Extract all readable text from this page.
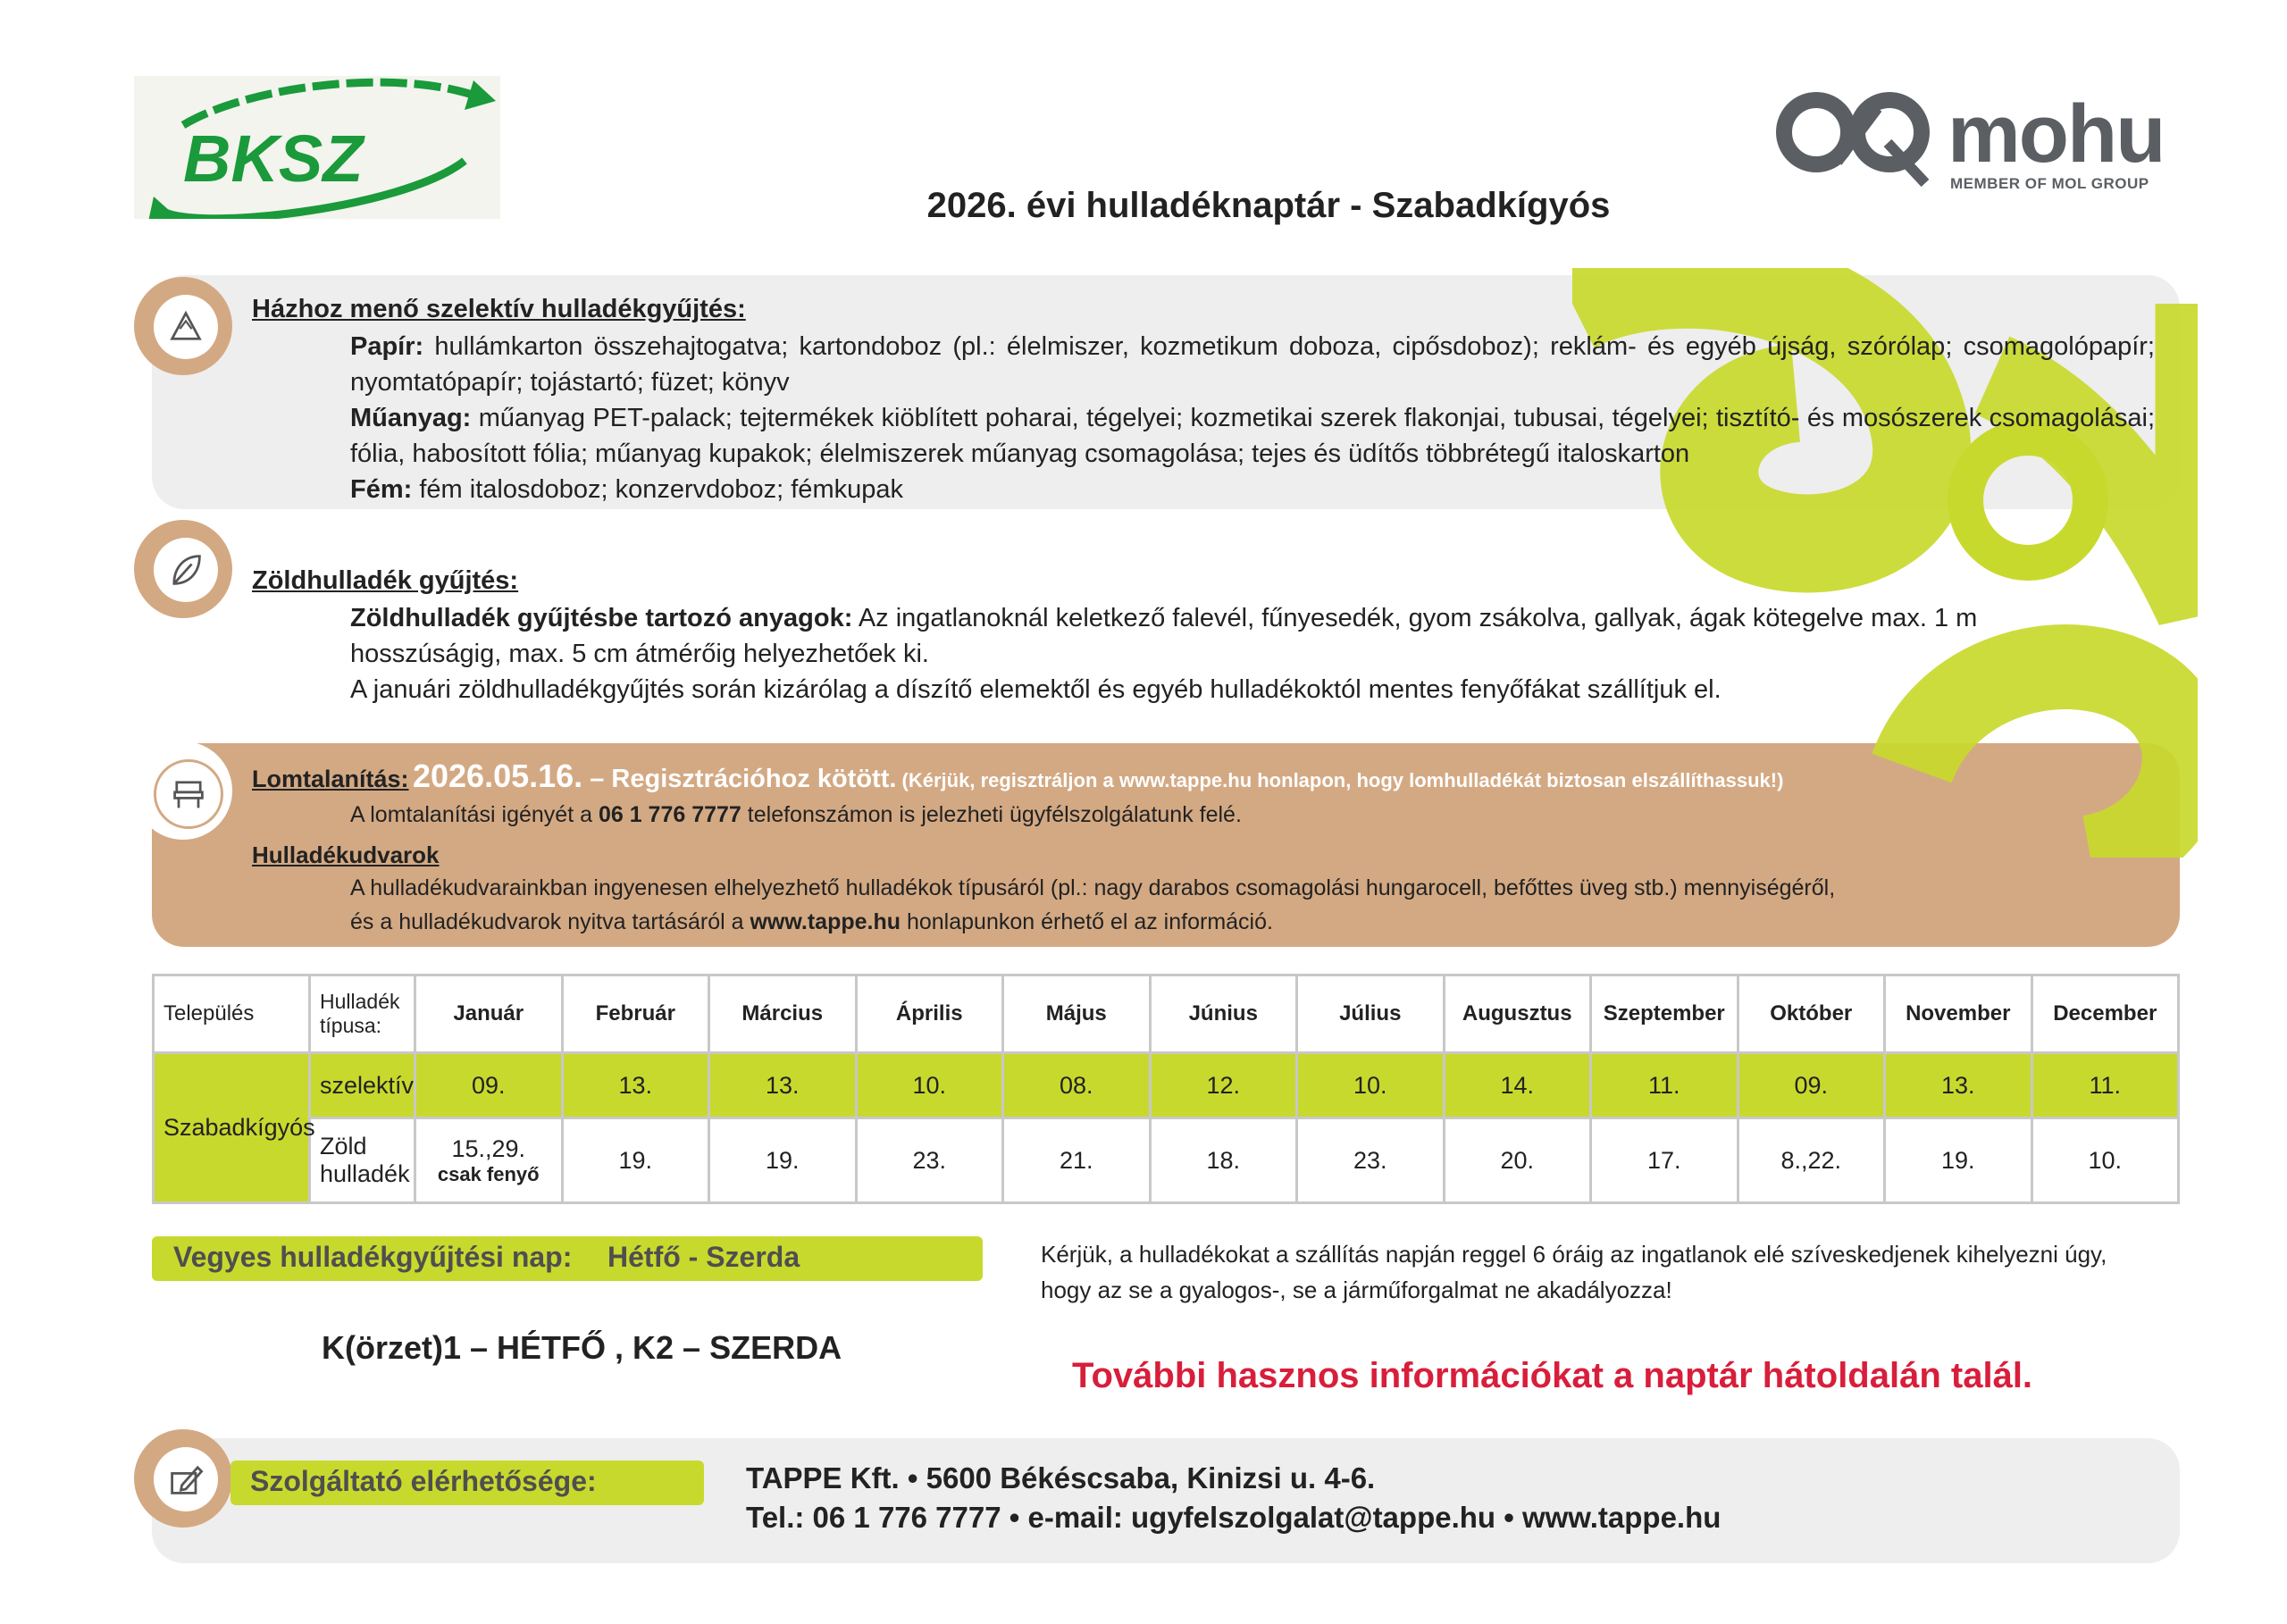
BKSZ	mohu
MEMBER OF MOL GROUP
2026. évi hulladéknaptár - Szabadkígyós
Házhoz menő szelektív hulladékgyűjtés:
Papír: hullámkarton összehajtogatva; kartondoboz (pl.: élelmiszer, kozmetikum doboza, cipősdoboz); reklám- és egyéb újság, szórólap; csomagolópapír; nyomtatópapír; tojástartó; füzet; könyv
Műanyag: műanyag PET-palack; tejtermékek kiöblített poharai, tégelyei; kozmetikai szerek flakonjai, tubusai, tégelyei; tisztító- és mosószerek csomagolásai; fólia, habosított fólia; műanyag kupakok; élelmiszerek műanyag csomagolása; tejes és üdítős többrétegű italoskarton
Fém: fém italosdoboz; konzervdoboz; fémkupak
Zöldhulladék gyűjtés:
Zöldhulladék gyűjtésbe tartozó anyagok: Az ingatlanoknál keletkező falevél, fűnyesedék, gyom zsákolva, gallyak, ágak kötegelve max. 1 m hosszúságig, max. 5 cm átmérőig helyezhetőek ki.
A januári zöldhulladékgyűjtés során kizárólag a díszítő elemektől és egyéb hulladékoktól mentes fenyőfákat szállítjuk el.
Lomtalanítás: 2026.05.16. – Regisztrációhoz kötött. (Kérjük, regisztráljon a www.tappe.hu honlapon, hogy lomhulladékát biztosan elszállíthassuk!)
A lomtalanítási igényét a 06 1 776 7777 telefonszámon is jelezheti ügyfélszolgálatunk felé.
Hulladékudvarok
A hulladékudvarainkban ingyenesen elhelyezhető hulladékok típusáról (pl.: nagy darabos csomagolási hungarocell, befőttes üveg stb.) mennyiségéről,
és a hulladékudvarok nyitva tartásáról a www.tappe.hu honlapunkon érhető el az információ.
Település	Hulladék típusa:	Január	Február	Március	Április	Május	Június	Július	Augusztus	Szeptember	Október	November	December
Szabadkígyós	szelektív	09.	13.	13.	10.	08.	12.	10.	14.	11.	09.	13.	11.
	Zöld hulladék	15.,29.
csak fenyő	19.	19.	23.	21.	18.	23.	20.	17.	8.,22.	19.	10.
Vegyes hulladékgyűjtési nap: Hétfő - Szerda
K(örzet)1 – HÉTFŐ , K2 – SZERDA
Kérjük, a hulladékokat a szállítás napján reggel 6 óráig az ingatlanok elé szíveskedjenek kihelyezni úgy, hogy az se a gyalogos-, se a járműforgalmat ne akadályozza!
További hasznos információkat a naptár hátoldalán talál.
Szolgáltató elérhetősége:	TAPPE Kft. • 5600 Békéscsaba, Kinizsi u. 4-6.
Tel.: 06 1 776 7777 • e-mail: ugyfelszolgalat@tappe.hu • www.tappe.hu
